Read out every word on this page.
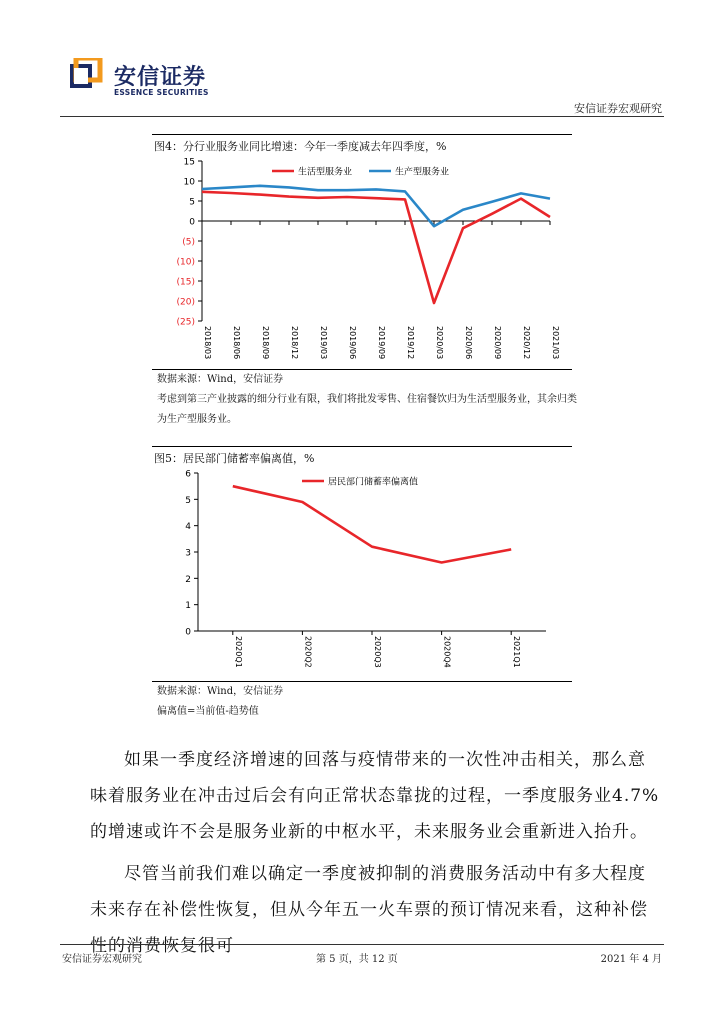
安信证券
ESSENCE SECURITIES
安信证券宏观研究
图4：分行业服务业同比增速：今年一季度减去年四季度，%
15
10
5
0
(5)
(10)
(15)
(20)
(25)
2018/03	2018/06	2018/09	2018/12	2019/03	2019/06	2019/09	2019/12	2020/03	2020/06	2020/09	2020/12	2021/03
生活型服务业	生产型服务业
数据来源：Wind，安信证券
考虑到第三产业披露的细分行业有限，我们将批发零售、住宿餐饮归为生活型服务业，其余归类为生产型服务业。
图5：居民部门储蓄率偏离值，%
6
5
4
3
2
1
0
2020Q1	2020Q2	2020Q3	2020Q4	2021Q1
居民部门储蓄率偏离值
数据来源：Wind，安信证券
偏离值=当前值-趋势值

如果一季度经济增速的回落与疫情带来的一次性冲击相关，那么意味着服务业在冲击过后会有向正常状态靠拢的过程，一季度服务业4.7%的增速或许不会是服务业新的中枢水平，未来服务业会重新进入抬升。

尽管当前我们难以确定一季度被抑制的消费服务活动中有多大程度未来存在补偿性恢复，但从今年五一火车票的预订情况来看，这种补偿性的消费恢复很可

安信证券宏观研究	第 5 页，共 12 页	2021 年 4 月
